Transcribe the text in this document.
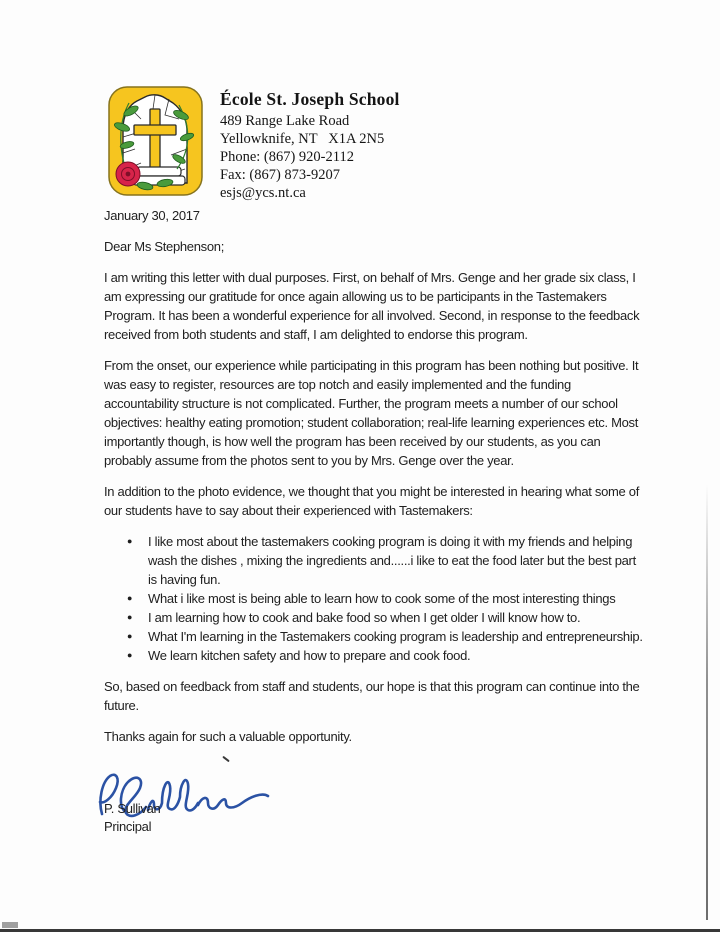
École St. Joseph School
489 Range Lake Road
Yellowknife, NT   X1A 2N5
Phone: (867) 920-2112
Fax: (867) 873-9207
esjs@ycs.nt.ca

January 30, 2017

Dear Ms Stephenson;

I am writing this letter with dual purposes. First, on behalf of Mrs. Genge and her grade six class, I am expressing our gratitude for once again allowing us to be participants in the Tastemakers Program. It has been a wonderful experience for all involved. Second, in response to the feedback received from both students and staff, I am delighted to endorse this program.

From the onset, our experience while participating in this program has been nothing but positive. It was easy to register, resources are top notch and easily implemented and the funding accountability structure is not complicated. Further, the program meets a number of our school objectives: healthy eating promotion; student collaboration; real-life learning experiences etc. Most importantly though, is how well the program has been received by our students, as you can probably assume from the photos sent to you by Mrs. Genge over the year.

In addition to the photo evidence, we thought that you might be interested in hearing what some of our students have to say about their experienced with Tastemakers:

● I like most about the tastemakers cooking program is doing it with my friends and helping wash the dishes , mixing the ingredients and......i like to eat the food later but the best part is having fun.
● What i like most is being able to learn how to cook some of the most interesting things
● I am learning how to cook and bake food so when I get older I will know how to.
● What I'm learning in the Tastemakers cooking program is leadership and entrepreneurship.
● We learn kitchen safety and how to prepare and cook food.

So, based on feedback from staff and students, our hope is that this program can continue into the future.

Thanks again for such a valuable opportunity.

P. Sullivan
Principal
